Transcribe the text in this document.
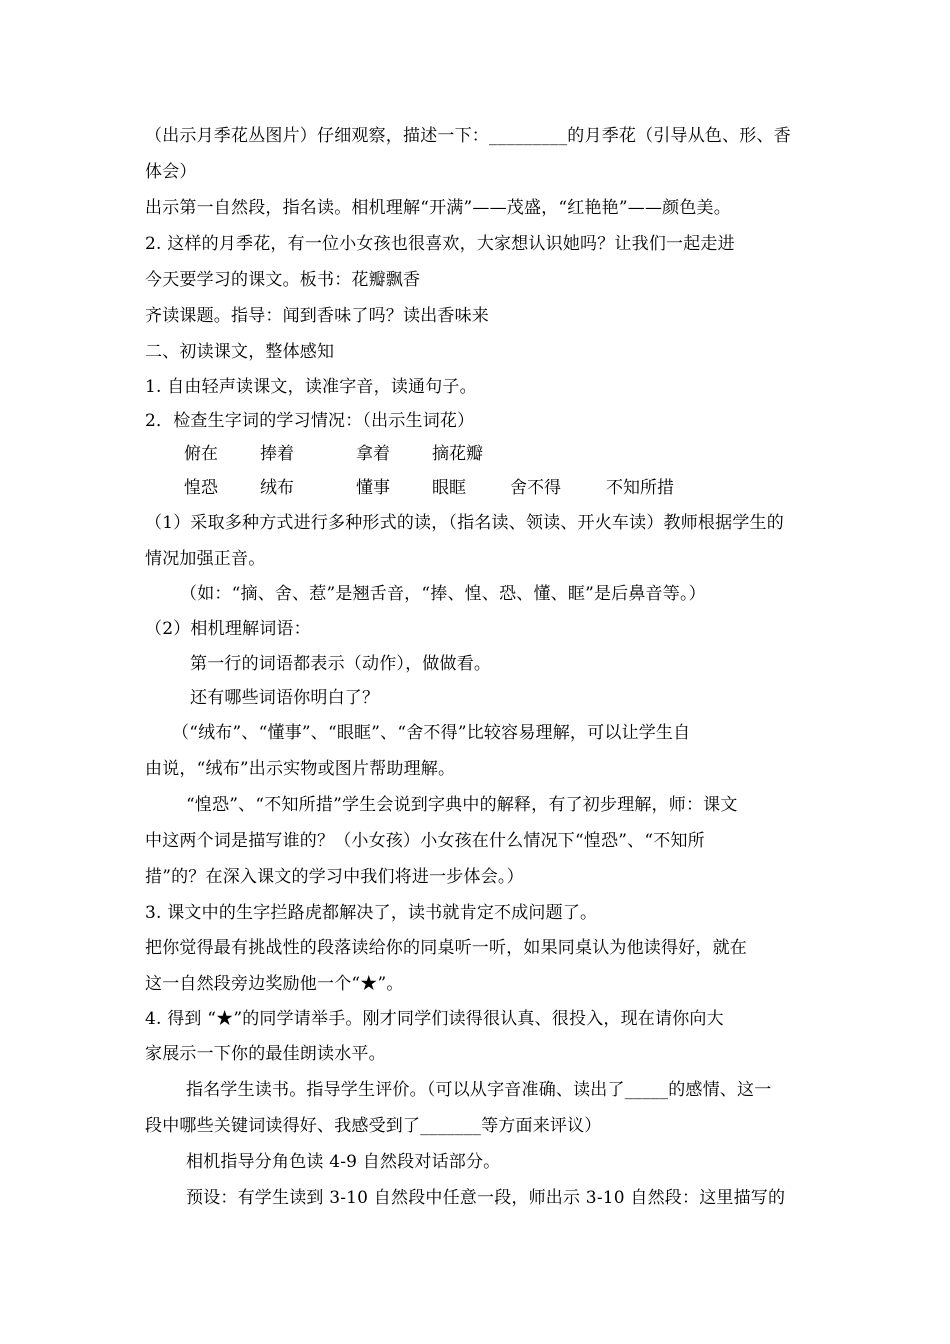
（出示月季花丛图片）仔细观察，描述一下：_________的月季花（引导从色、形、香
体会）
出示第一自然段，指名读。相机理解“开满”——茂盛，“红艳艳”——颜色美。
2. 这样的月季花，有一位小女孩也很喜欢，大家想认识她吗？让我们一起走进
今天要学习的课文。板书：花瓣飘香
齐读课题。指导：闻到香味了吗？读出香味来
二、初读课文，整体感知
1. 自由轻声读课文，读准字音，读通句子。
2．检查生字词的学习情况：（出示生词花）
俯在 捧着	拿着 摘花瓣
惶恐 绒布	懂事 眼眶	舍不得	不知所措
（1）采取多种方式进行多种形式的读，（指名读、领读、开火车读）教师根据学生的
情况加强正音。
（如：“摘、舍、惹”是翘舌音，“捧、惶、恐、懂、眶”是后鼻音等。）
（2）相机理解词语：
第一行的词语都表示（动作），做做看。
还有哪些词语你明白了？
（“绒布”、“懂事”、“眼眶”、“舍不得”比较容易理解，可以让学生自
由说，“绒布”出示实物或图片帮助理解。
“惶恐”、“不知所措”学生会说到字典中的解释，有了初步理解，师：课文
中这两个词是描写谁的？（小女孩）小女孩在什么情况下“惶恐”、“不知所
措”的？在深入课文的学习中我们将进一步体会。）
3. 课文中的生字拦路虎都解决了，读书就肯定不成问题了。
把你觉得最有挑战性的段落读给你的同桌听一听，如果同桌认为他读得好，就在
这一自然段旁边奖励他一个“★”。
4. 得到 “★”的同学请举手。刚才同学们读得很认真、很投入，现在请你向大
家展示一下你的最佳朗读水平。
指名学生读书。指导学生评价。（可以从字音准确、读出了_____的感情、这一
段中哪些关键词读得好、我感受到了_______等方面来评议）
相机指导分角色读 4-9 自然段对话部分。
预设：有学生读到 3-10 自然段中任意一段，师出示 3-10 自然段：这里描写的
